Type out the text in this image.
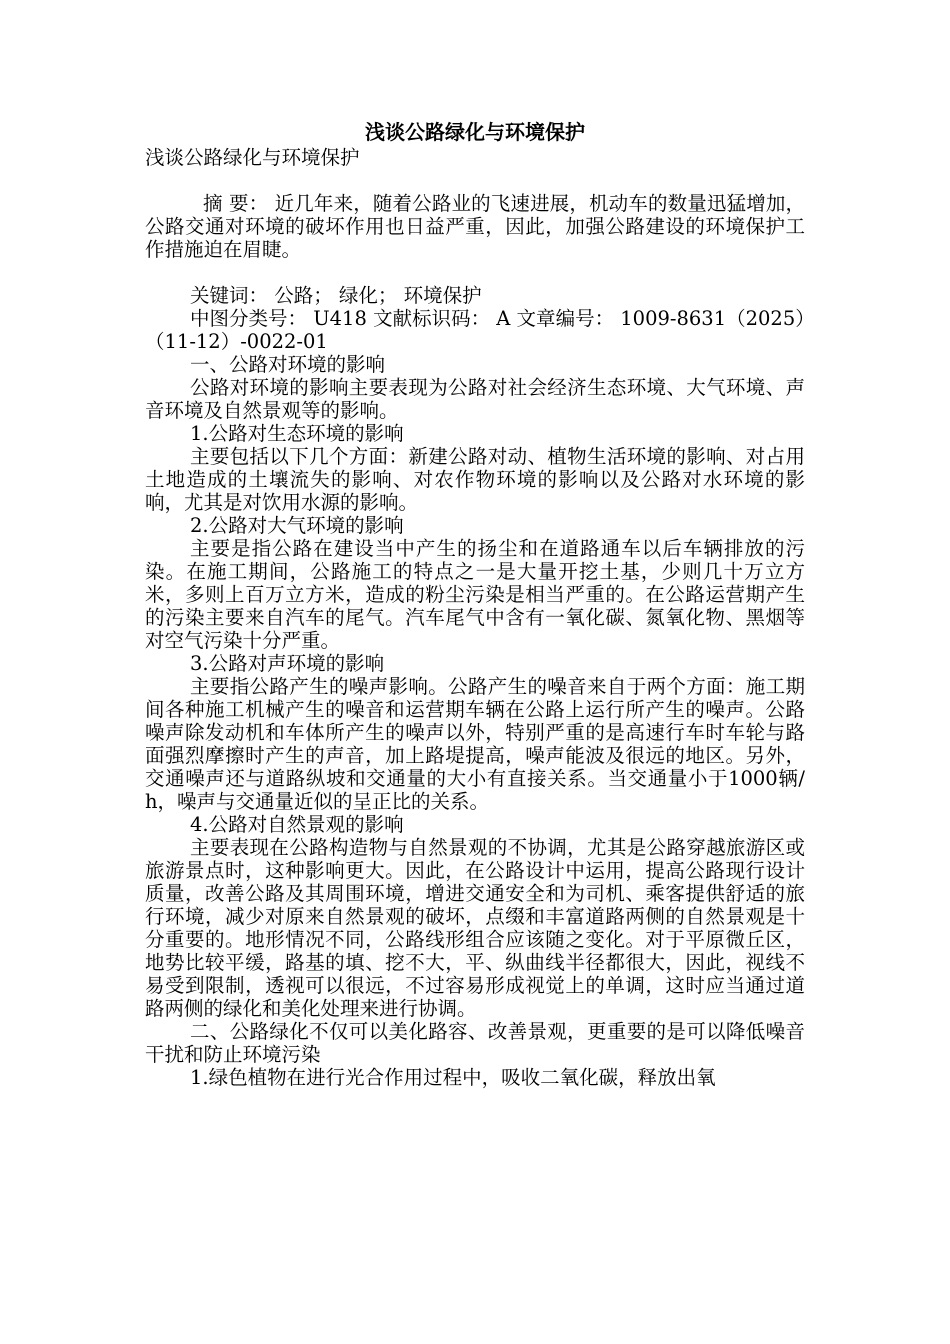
浅谈公路绿化与环境保护

浅谈公路绿化与环境保护

摘 要： 近几年来，随着公路业的飞速进展，机动车的数量迅猛增加，公路交通对环境的破坏作用也日益严重，因此，加强公路建设的环境保护工作措施迫在眉睫。

关键词： 公路； 绿化； 环境保护

中图分类号： U418 文献标识码： A 文章编号： 1009-8631（2025）（11-12）-0022-01

一、公路对环境的影响

公路对环境的影响主要表现为公路对社会经济生态环境、大气环境、声音环境及自然景观等的影响。

1.公路对生态环境的影响

主要包括以下几个方面：新建公路对动、植物生活环境的影响、对占用土地造成的土壤流失的影响、对农作物环境的影响以及公路对水环境的影响，尤其是对饮用水源的影响。

2.公路对大气环境的影响

主要是指公路在建设当中产生的扬尘和在道路通车以后车辆排放的污染。在施工期间，公路施工的特点之一是大量开挖土基，少则几十万立方米，多则上百万立方米，造成的粉尘污染是相当严重的。在公路运营期产生的污染主要来自汽车的尾气。汽车尾气中含有一氧化碳、氮氧化物、黑烟等对空气污染十分严重。

3.公路对声环境的影响

主要指公路产生的噪声影响。公路产生的噪音来自于两个方面：施工期间各种施工机械产生的噪音和运营期车辆在公路上运行所产生的噪声。公路噪声除发动机和车体所产生的噪声以外，特别严重的是高速行车时车轮与路面强烈摩擦时产生的声音，加上路堤提高，噪声能波及很远的地区。另外，交通噪声还与道路纵坡和交通量的大小有直接关系。当交通量小于1000辆/h，噪声与交通量近似的呈正比的关系。

4.公路对自然景观的影响

主要表现在公路构造物与自然景观的不协调，尤其是公路穿越旅游区或旅游景点时，这种影响更大。因此，在公路设计中运用，提高公路现行设计质量，改善公路及其周围环境，增进交通安全和为司机、乘客提供舒适的旅行环境，减少对原来自然景观的破坏，点缀和丰富道路两侧的自然景观是十分重要的。地形情况不同，公路线形组合应该随之变化。对于平原微丘区，地势比较平缓，路基的填、挖不大，平、纵曲线半径都很大，因此，视线不易受到限制，透视可以很远，不过容易形成视觉上的单调，这时应当通过道路两侧的绿化和美化处理来进行协调。

二、公路绿化不仅可以美化路容、改善景观，更重要的是可以降低噪音干扰和防止环境污染

1.绿色植物在进行光合作用过程中，吸收二氧化碳，释放出氧
